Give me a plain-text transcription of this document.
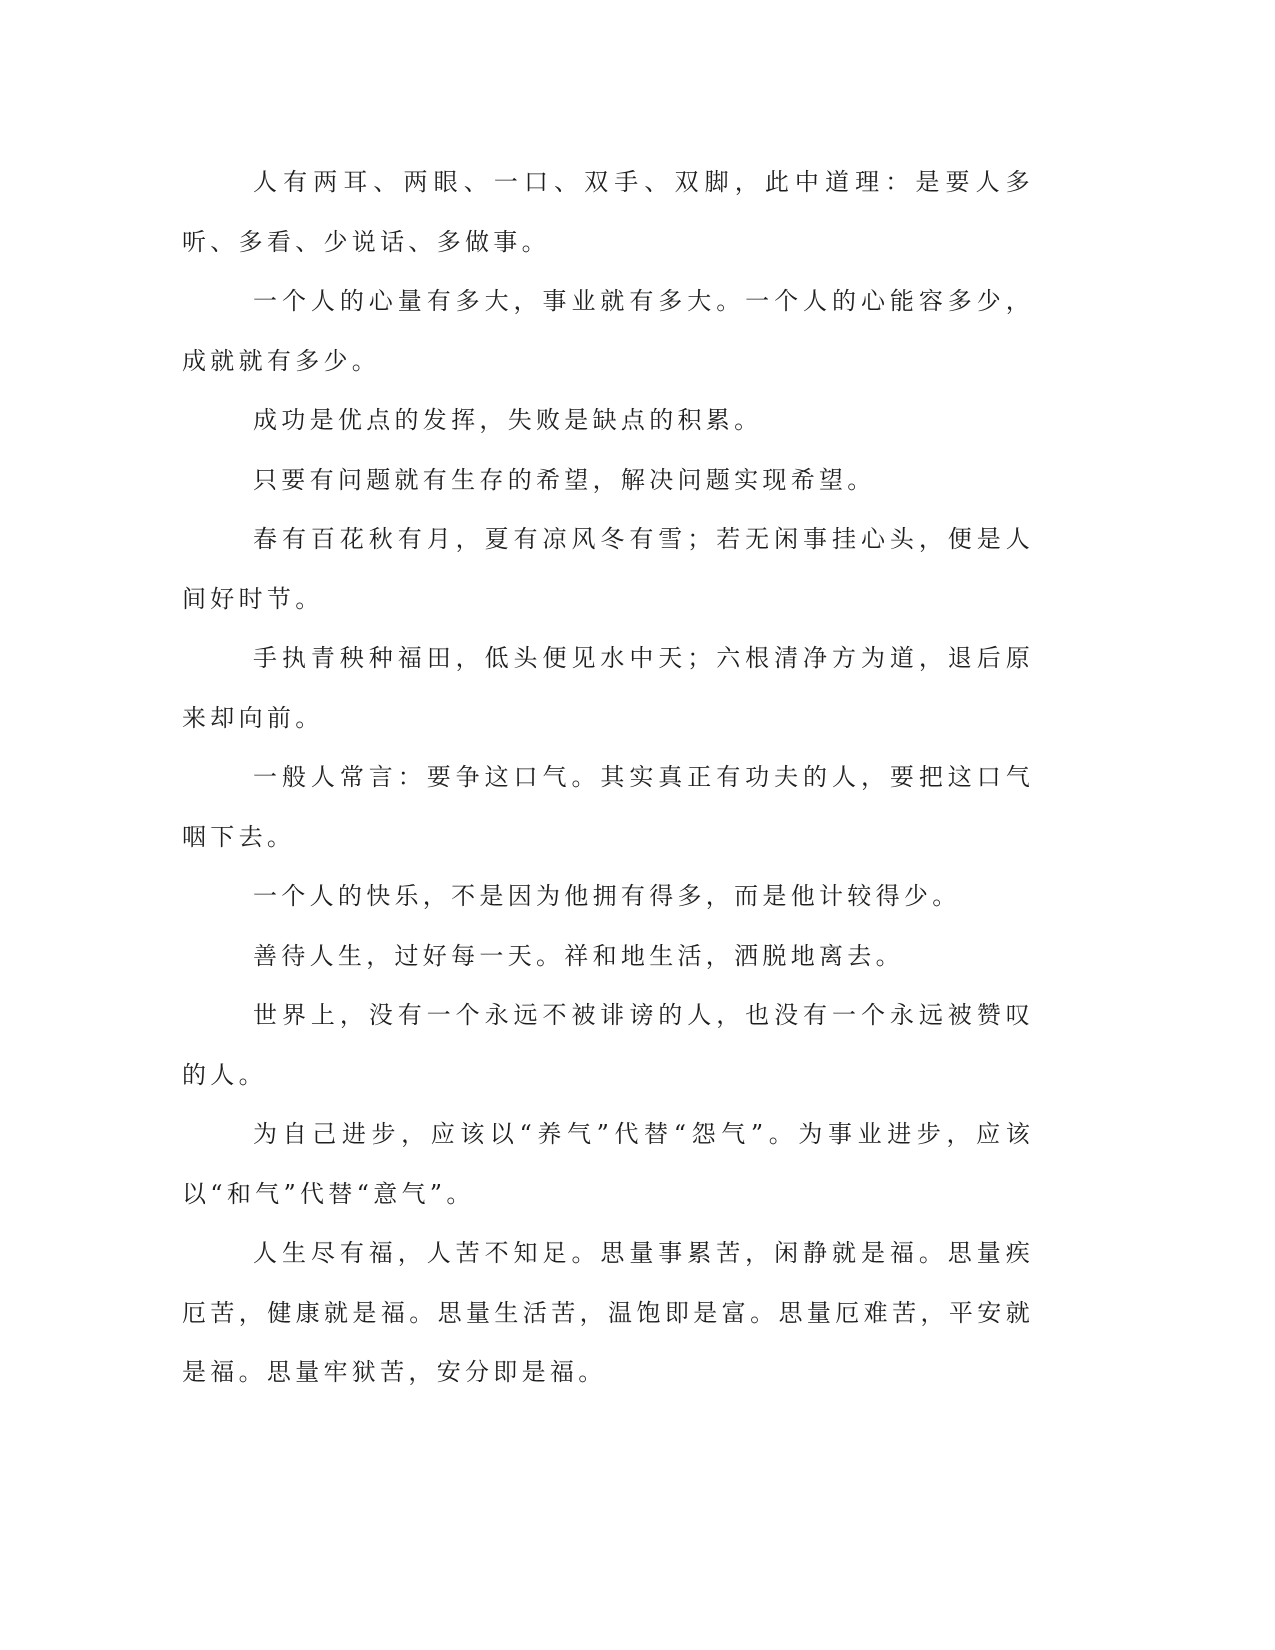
人有两耳、两眼、一口、双手、双脚，此中道理：是要人多听、多看、少说话、多做事。

一个人的心量有多大，事业就有多大。一个人的心能容多少，成就就有多少。

成功是优点的发挥，失败是缺点的积累。

只要有问题就有生存的希望，解决问题实现希望。

春有百花秋有月，夏有凉风冬有雪；若无闲事挂心头，便是人间好时节。

手执青秧种福田，低头便见水中天；六根清净方为道，退后原来却向前。

一般人常言：要争这口气。其实真正有功夫的人，要把这口气咽下去。

一个人的快乐，不是因为他拥有得多，而是他计较得少。

善待人生，过好每一天。祥和地生活，洒脱地离去。

世界上，没有一个永远不被诽谤的人，也没有一个永远被赞叹的人。

为自己进步，应该以“养气”代替“怨气”。为事业进步，应该以“和气”代替“意气”。

人生尽有福，人苦不知足。思量事累苦，闲静就是福。思量疾厄苦，健康就是福。思量生活苦，温饱即是富。思量厄难苦，平安就是福。思量牢狱苦，安分即是福。
